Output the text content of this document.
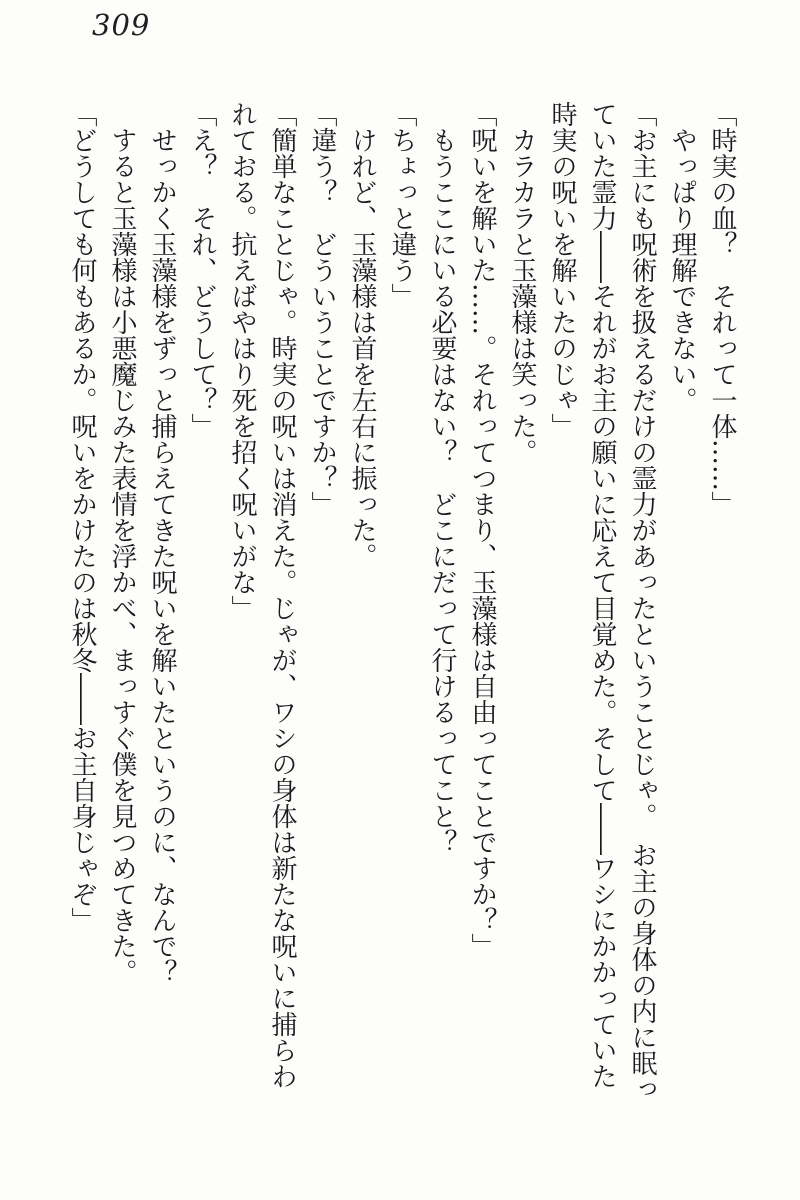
309

「時実の血？　それって一体……」

やっぱり理解できない。

「お主にも呪術を扱えるだけの霊力があったということじゃ。　お主の身体の内に眠っ

ていた霊力――それがお主の願いに応えて目覚めた。そして――ワシにかかっていた

時実の呪いを解いたのじゃ」

カラカラと玉藻様は笑った。

「呪いを解いた……。それってつまり、玉藻様は自由ってことですか？」

もうここにいる必要はない？　どこにだって行けるってこと？

「ちょっと違う」

けれど、玉藻様は首を左右に振った。

「違う？　どういうことですか？」

「簡単なことじゃ。時実の呪いは消えた。じゃが、ワシの身体は新たな呪いに捕らわ

れておる。抗えばやはり死を招く呪いがな」

「え？　それ、どうして？」

せっかく玉藻様をずっと捕らえてきた呪いを解いたというのに、なんで？

すると玉藻様は小悪魔じみた表情を浮かべ、まっすぐ僕を見つめてきた。

「どうしても何もあるか。呪いをかけたのは秋冬――お主自身じゃぞ」
